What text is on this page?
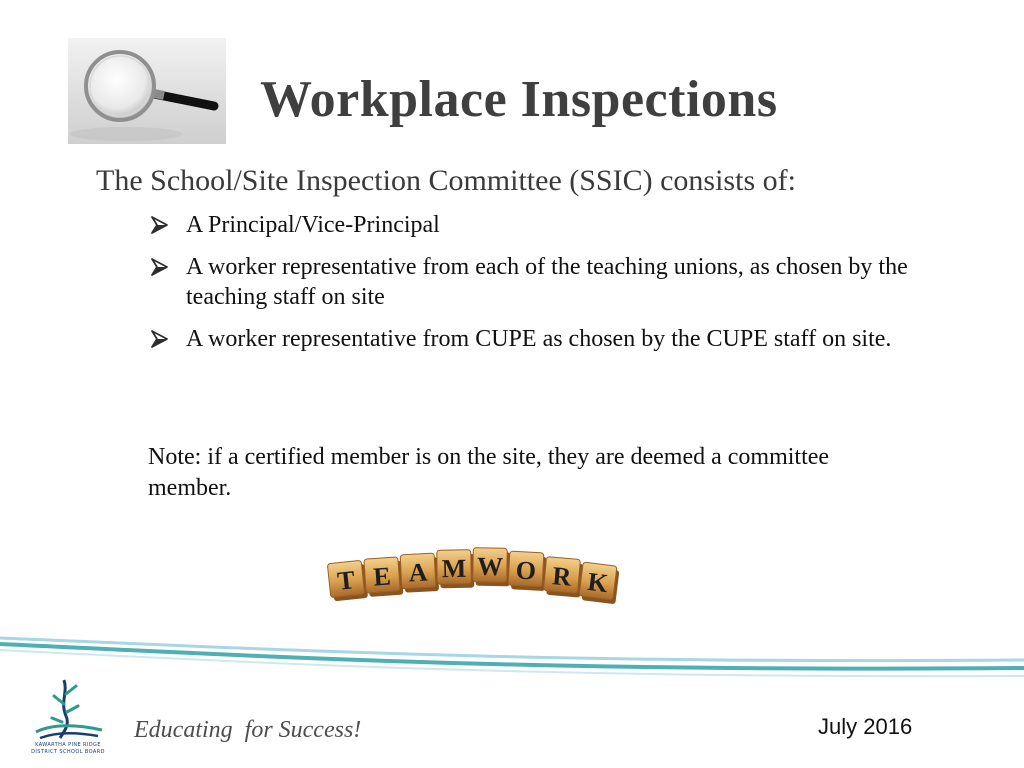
Workplace Inspections
The School/Site Inspection Committee (SSIC) consists of:
A Principal/Vice-Principal
A worker representative from each of the teaching unions, as chosen by the teaching staff on site
A worker representative from CUPE as chosen by the CUPE staff on site.
Note: if a certified member is on the site, they are deemed a committee member.
T E A M W O R K
KAWARTHA PINE RIDGE
DISTRICT SCHOOL BOARD
Educating  for Success!	July 2016
